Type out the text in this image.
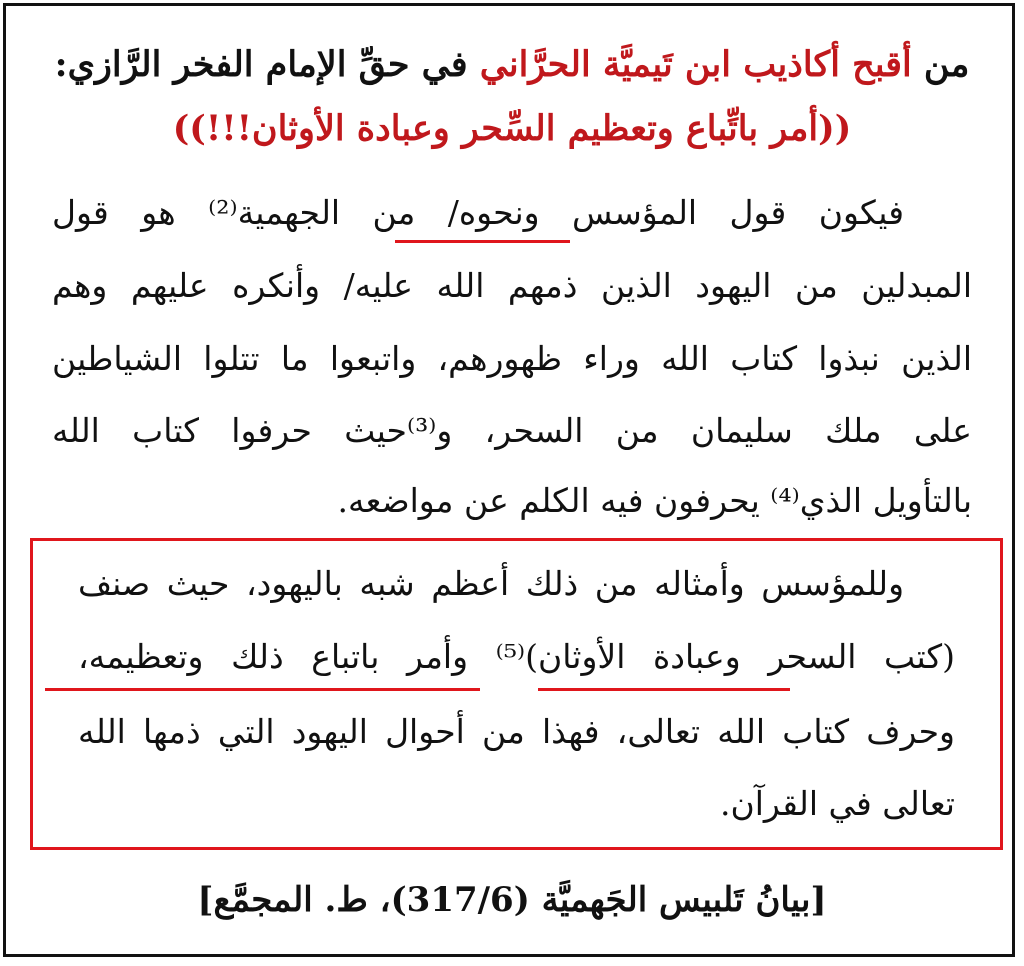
من أقبح أكاذيب ابن تَيميَّة الحرَّاني في حقِّ الإمام الفخر الرَّازي:
((أمر باتِّباع وتعظيم السِّحر وعبادة الأوثان!!!))
فيكون قول المؤسس ونحوه/ من الجهمية⁽²⁾ هو قول
المبدلين من اليهود الذين ذمهم الله عليه/ وأنكره عليهم وهم
الذين نبذوا كتاب الله وراء ظهورهم، واتبعوا ما تتلوا الشياطين
على ملك سليمان من السحر، و⁽³⁾حيث حرفوا كتاب الله
بالتأويل الذي⁽⁴⁾ يحرفون فيه الكلم عن مواضعه.
وللمؤسس وأمثاله من ذلك أعظم شبه باليهود، حيث صنف
(كتب السحر وعبادة الأوثان)⁽⁵⁾ وأمر باتباع ذلك وتعظيمه،
وحرف كتاب الله تعالى، فهذا من أحوال اليهود التي ذمها الله
تعالى في القرآن.
[بيانُ تَلبيس الجَهميَّة (317/6)، ط. المجمَّع]
